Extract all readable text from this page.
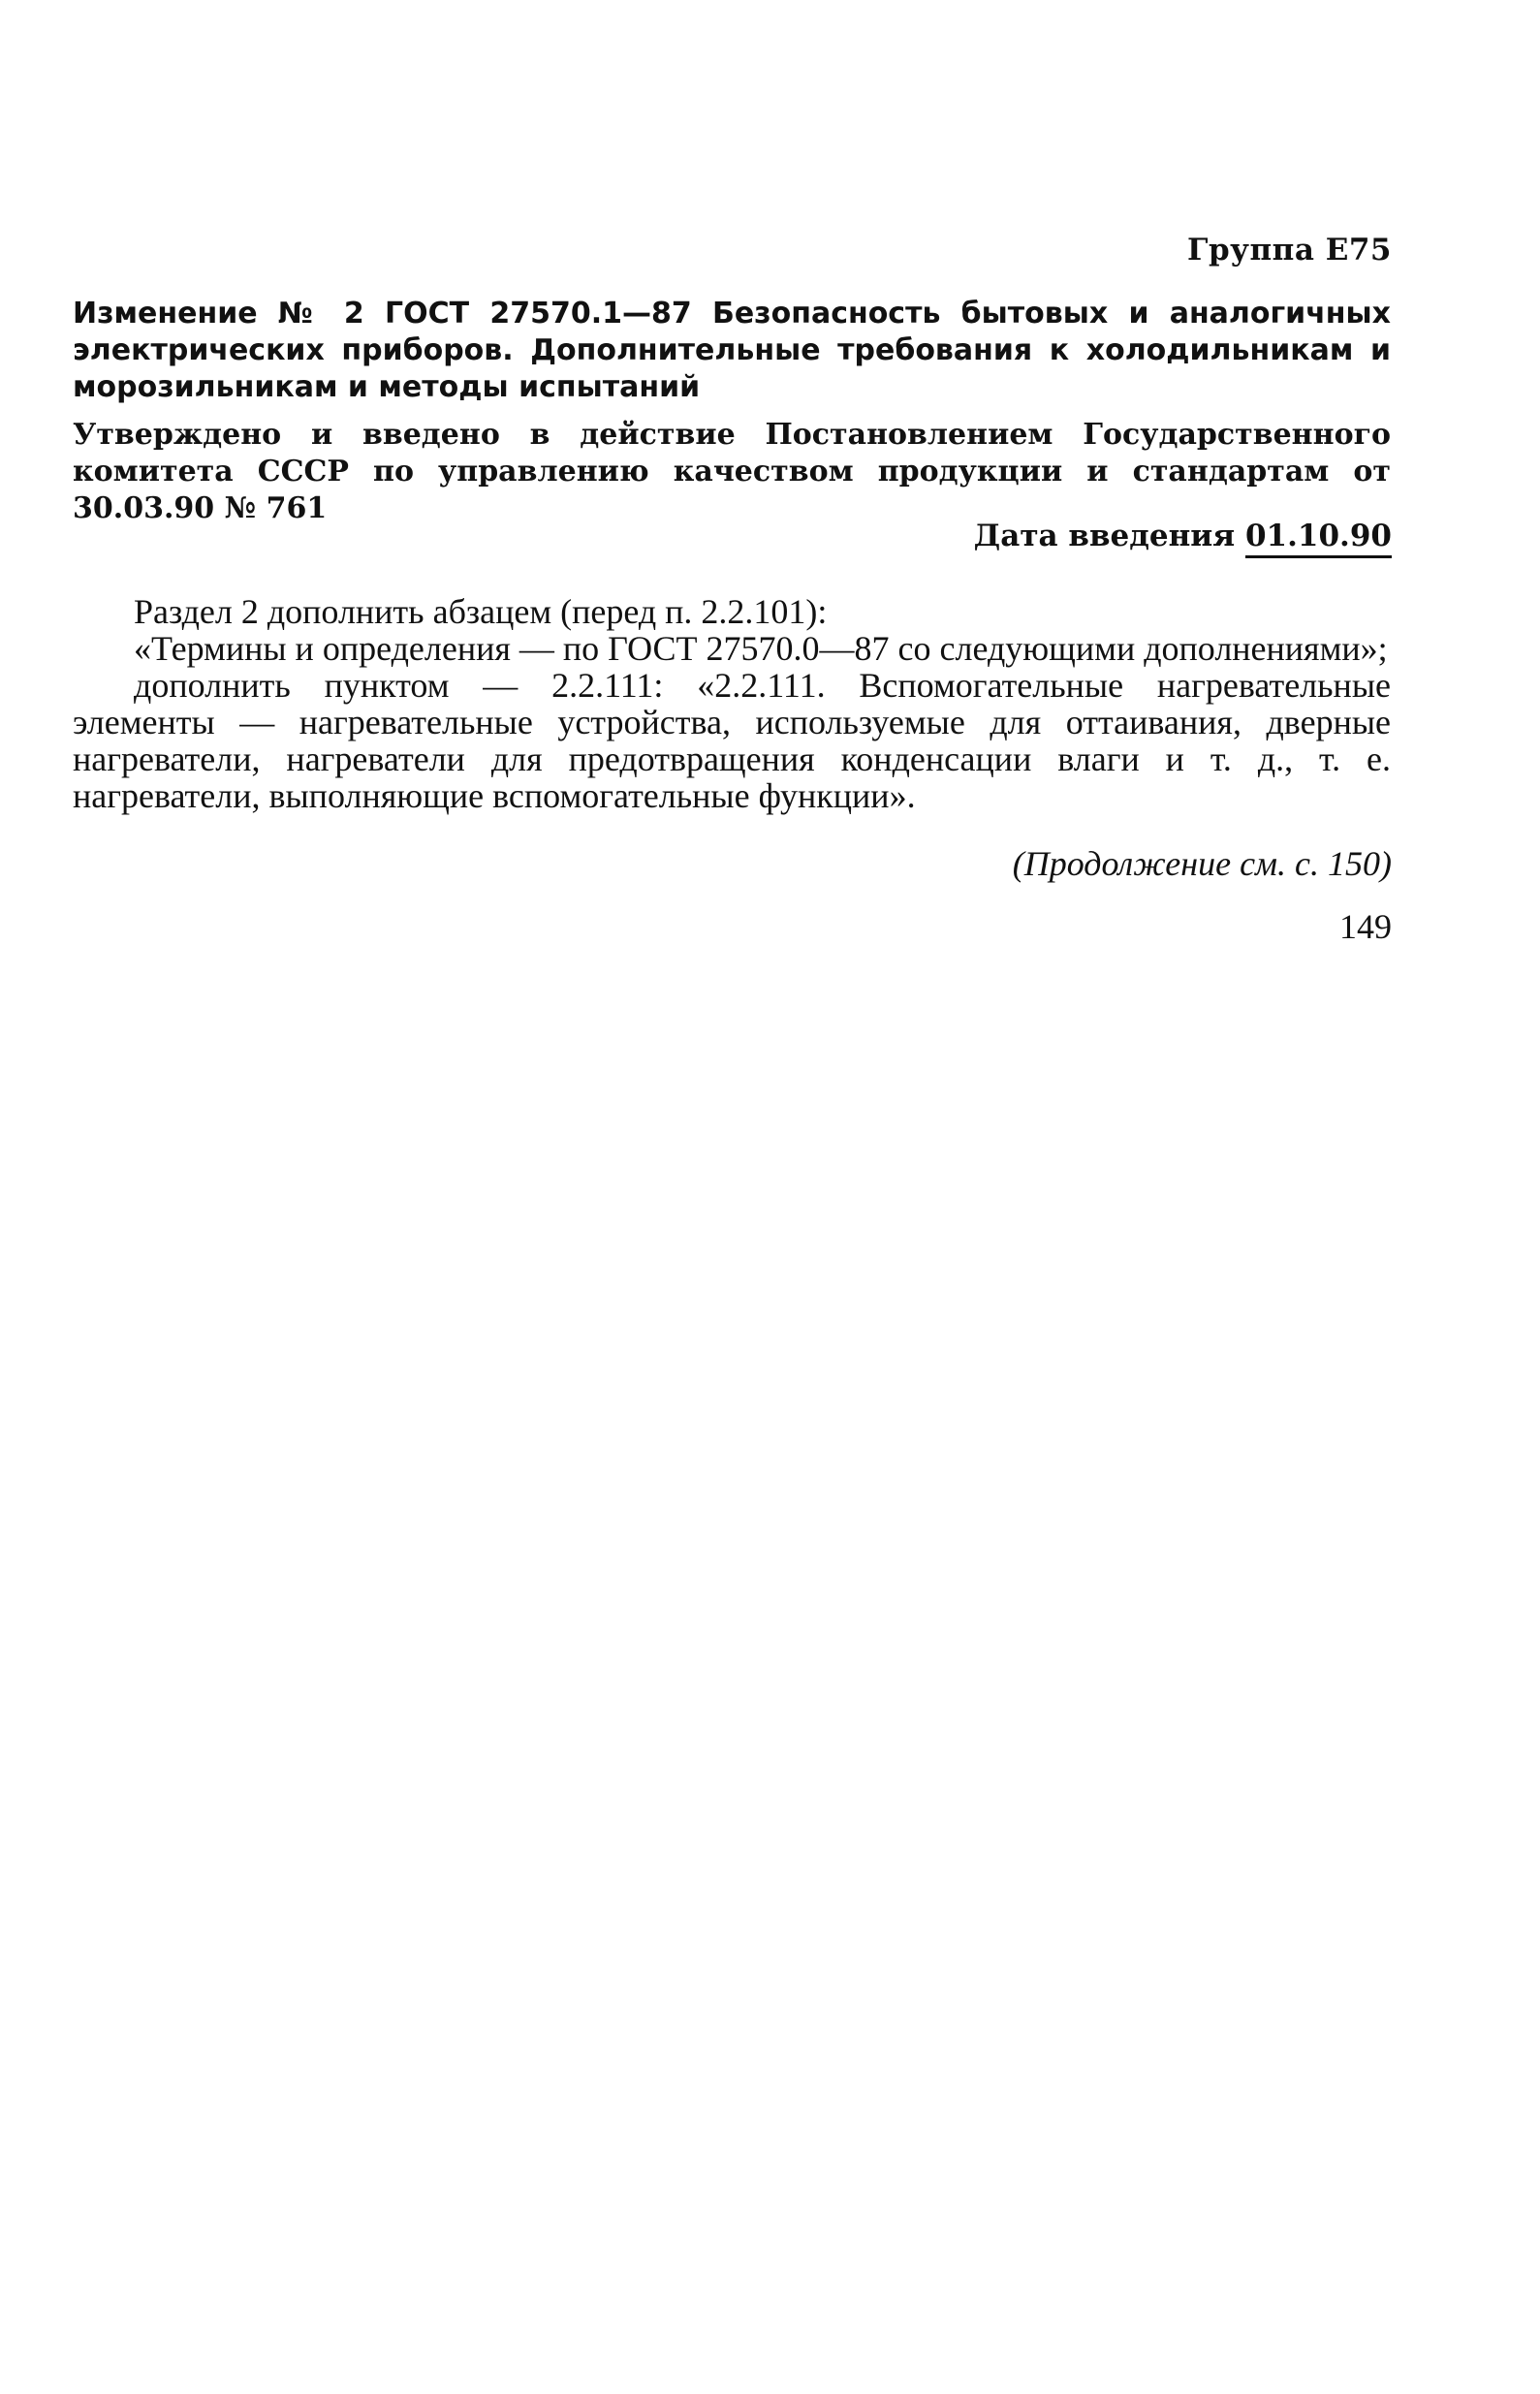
Группа Е75
Изменение № 2 ГОСТ 27570.1—87 Безопасность бытовых и аналогичных электрических приборов. Дополнительные требования к холодильникам и морозильникам и методы испытаний
Утверждено и введено в действие Постановлением Государственного комитета СССР по управлению качеством продукции и стандартам от 30.03.90 № 761
Дата введения 01.10.90

Раздел 2 дополнить абзацем (перед п. 2.2.101):

«Термины и определения — по ГОСТ 27570.0—87 со следующими дополнениями»;

дополнить пунктом — 2.2.111: «2.2.111. Вспомогательные нагревательные элементы — нагревательные устройства, используемые для оттаивания, дверные нагреватели, нагреватели для предотвращения конденсации влаги и т. д., т. е. нагреватели, выполняющие вспомогательные функции».

(Продолжение см. с. 150)
149
